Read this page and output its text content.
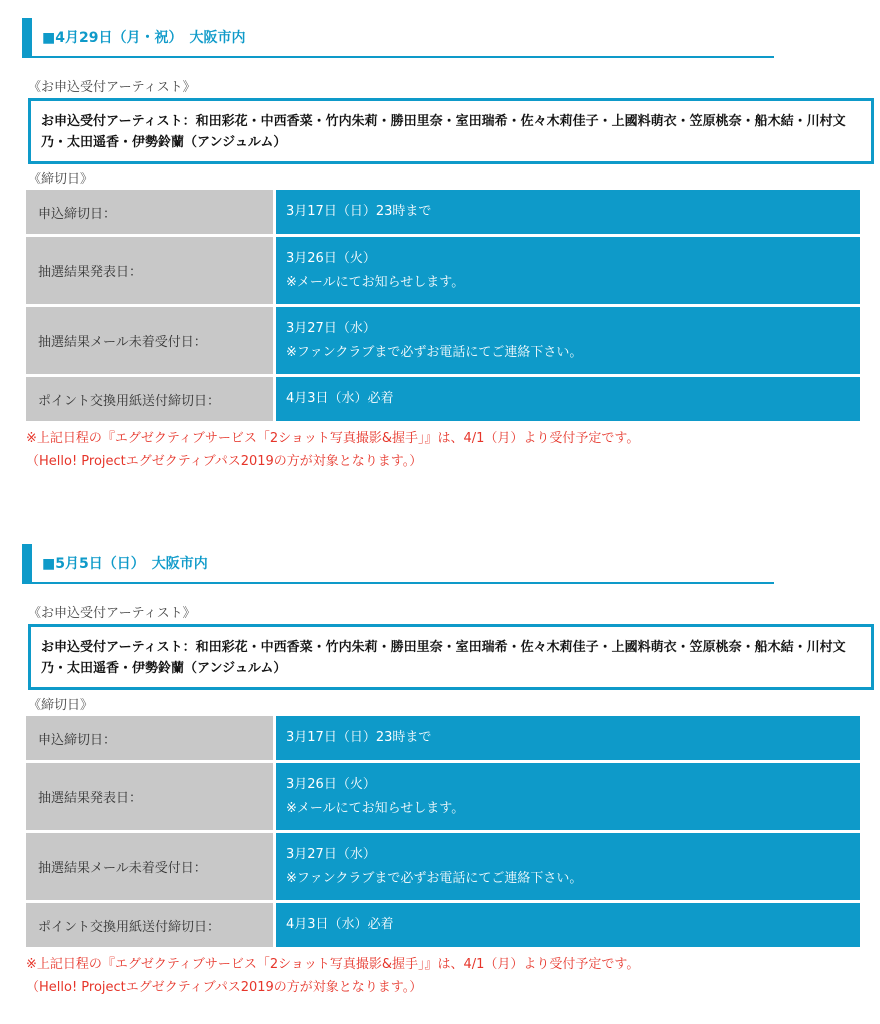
■4月29日（月・祝）　大阪市内
《お申込受付アーティスト》
お申込受付アーティスト：和田彩花・中西香菜・竹内朱莉・勝田里奈・室田瑞希・佐々木莉佳子・上國料萌衣・笠原桃奈・船木結・川村文乃・太田遥香・伊勢鈴蘭（アンジュルム）
《締切日》
申込締切日：	3月17日（日）23時まで
抽選結果発表日：
3月26日（火）
※メールにてお知らせします。
抽選結果メール未着受付日：
3月27日（水）
※ファンクラブまで必ずお電話にてご連絡下さい。
ポイント交換用紙送付締切日：	4月3日（水）必着
※上記日程の『エグゼクティブサービス「2ショット写真撮影&握手」』は、4/1（月）より受付予定です。
（Hello! Projectエグゼクティブパス2019の方が対象となります。）
■5月5日（日）　大阪市内
《お申込受付アーティスト》
お申込受付アーティスト：和田彩花・中西香菜・竹内朱莉・勝田里奈・室田瑞希・佐々木莉佳子・上國料萌衣・笠原桃奈・船木結・川村文乃・太田遥香・伊勢鈴蘭（アンジュルム）
《締切日》
申込締切日：	3月17日（日）23時まで
抽選結果発表日：
3月26日（火）
※メールにてお知らせします。
抽選結果メール未着受付日：
3月27日（水）
※ファンクラブまで必ずお電話にてご連絡下さい。
ポイント交換用紙送付締切日：	4月3日（水）必着
※上記日程の『エグゼクティブサービス「2ショット写真撮影&握手」』は、4/1（月）より受付予定です。
（Hello! Projectエグゼクティブパス2019の方が対象となります。）
